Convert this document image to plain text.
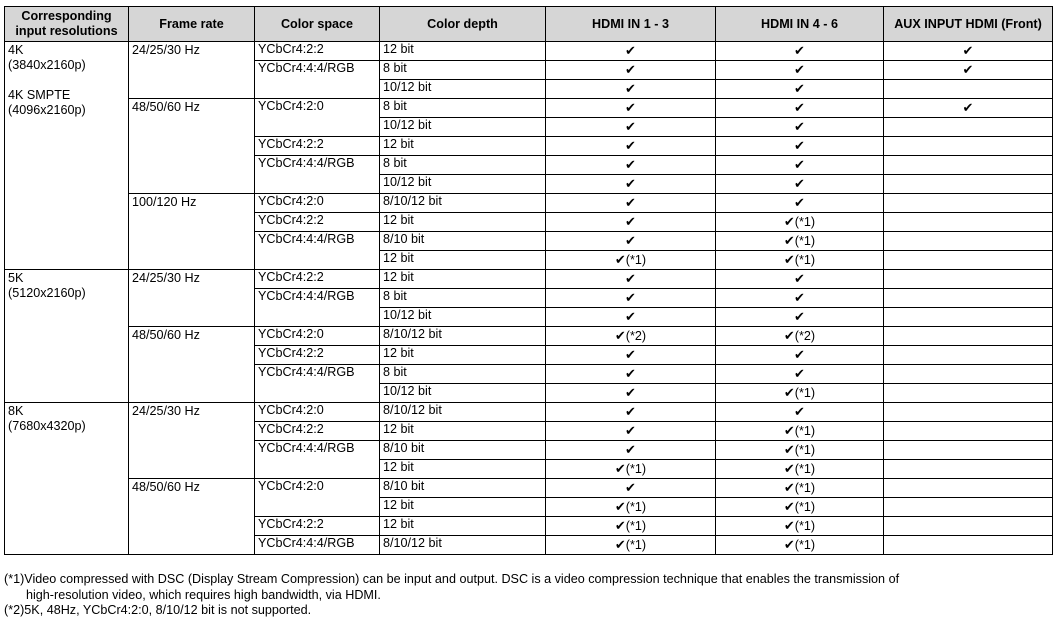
Corresponding input resolutions	Frame rate	Color space	Color depth	HDMI IN 1 - 3	HDMI IN 4 - 6	AUX INPUT HDMI (Front)
4K
(3840x2160p)

4K SMPTE
(4096x2160p)	24/25/30 Hz	YCbCr4:2:2	12 bit	✔	✔	✔
		YCbCr4:4:4/RGB	8 bit	✔	✔	✔
			10/12 bit	✔	✔	
	48/50/60 Hz	YCbCr4:2:0	8 bit	✔	✔	✔
			10/12 bit	✔	✔	
		YCbCr4:2:2	12 bit	✔	✔	
		YCbCr4:4:4/RGB	8 bit	✔	✔	
			10/12 bit	✔	✔	
	100/120 Hz	YCbCr4:2:0	8/10/12 bit	✔	✔	
		YCbCr4:2:2	12 bit	✔	✔(*1)	
		YCbCr4:4:4/RGB	8/10 bit	✔	✔(*1)	
			12 bit	✔(*1)	✔(*1)	
5K
(5120x2160p)	24/25/30 Hz	YCbCr4:2:2	12 bit	✔	✔	
		YCbCr4:4:4/RGB	8 bit	✔	✔	
			10/12 bit	✔	✔	
	48/50/60 Hz	YCbCr4:2:0	8/10/12 bit	✔(*2)	✔(*2)	
		YCbCr4:2:2	12 bit	✔	✔	
		YCbCr4:4:4/RGB	8 bit	✔	✔	
			10/12 bit	✔	✔(*1)	
8K
(7680x4320p)	24/25/30 Hz	YCbCr4:2:0	8/10/12 bit	✔	✔	
		YCbCr4:2:2	12 bit	✔	✔(*1)	
		YCbCr4:4:4/RGB	8/10 bit	✔	✔(*1)	
			12 bit	✔(*1)	✔(*1)	
	48/50/60 Hz	YCbCr4:2:0	8/10 bit	✔	✔(*1)	
			12 bit	✔(*1)	✔(*1)	
		YCbCr4:2:2	12 bit	✔(*1)	✔(*1)	
		YCbCr4:4:4/RGB	8/10/12 bit	✔(*1)	✔(*1)	

(*1)Video compressed with DSC (Display Stream Compression) can be input and output. DSC is a video compression technique that enables the transmission of

high-resolution video, which requires high bandwidth, via HDMI.

(*2)5K, 48Hz, YCbCr4:2:0, 8/10/12 bit is not supported.
